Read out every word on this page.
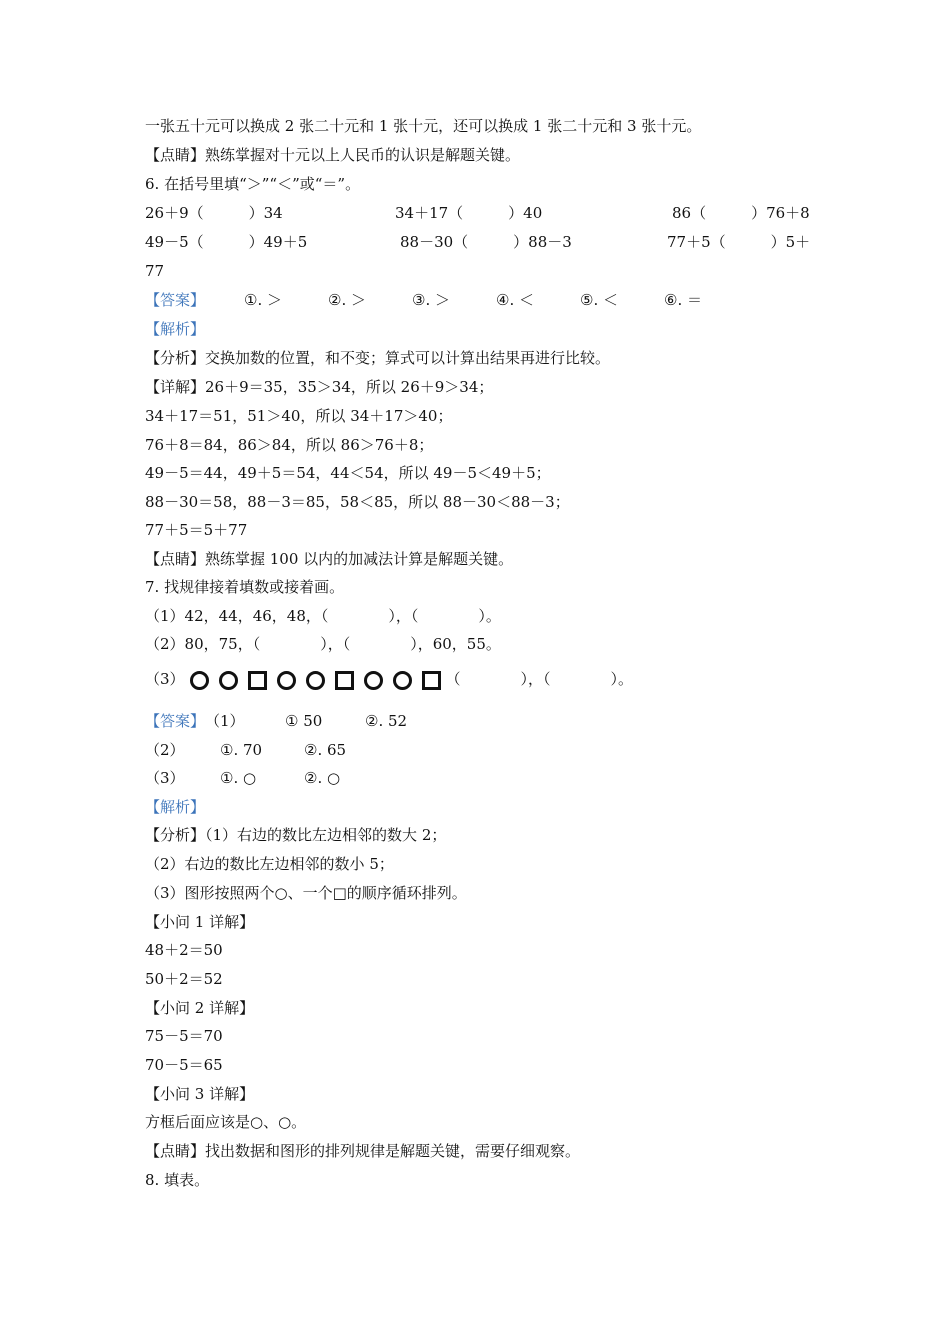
一张五十元可以换成 2 张二十元和 1 张十元，还可以换成 1 张二十元和 3 张十元。
【点睛】熟练掌握对十元以上人民币的认识是解题关键。
6. 在括号里填“＞”“＜”或“＝”。
26＋9（　　　）34	34＋17（　　　）40	86（　　　）76＋8
49－5（　　　）49＋5	88－30（　　　）88－3	77＋5（　　　）5＋
77
【答案】	①. ＞	②. ＞	③. ＞	④. ＜	⑤. ＜	⑥. ＝
【解析】
【分析】交换加数的位置，和不变；算式可以计算出结果再进行比较。
【详解】26＋9＝35，35＞34，所以 26＋9＞34；
34＋17＝51，51＞40，所以 34＋17＞40；
76＋8＝84，86＞84，所以 86＞76＋8；
49－5＝44，49＋5＝54，44＜54，所以 49－5＜49＋5；
88－30＝58，88－3＝85，58＜85，所以 88－30＜88－3；
77＋5＝5＋77
【点睛】熟练掌握 100 以内的加减法计算是解题关键。
7. 找规律接着填数或接着画。
（1）42，44，46，48，（　　　　），（　　　　）。
（2）80，75，（　　　　），（　　　　），60，55。
（3）	（　　　　），（　　　　）。
【答案】 （1）	① 50	②. 52
（2） ①. 70	②. 65
（3） ①. ○	②. ○
【解析】
【分析】（1）右边的数比左边相邻的数大 2；
（2）右边的数比左边相邻的数小 5；
（3）图形按照两个○、一个□的顺序循环排列。
【小问 1 详解】
48＋2＝50
50＋2＝52
【小问 2 详解】
75－5＝70
70－5＝65
【小问 3 详解】
方框后面应该是○、○。
【点睛】找出数据和图形的排列规律是解题关键，需要仔细观察。
8. 填表。
